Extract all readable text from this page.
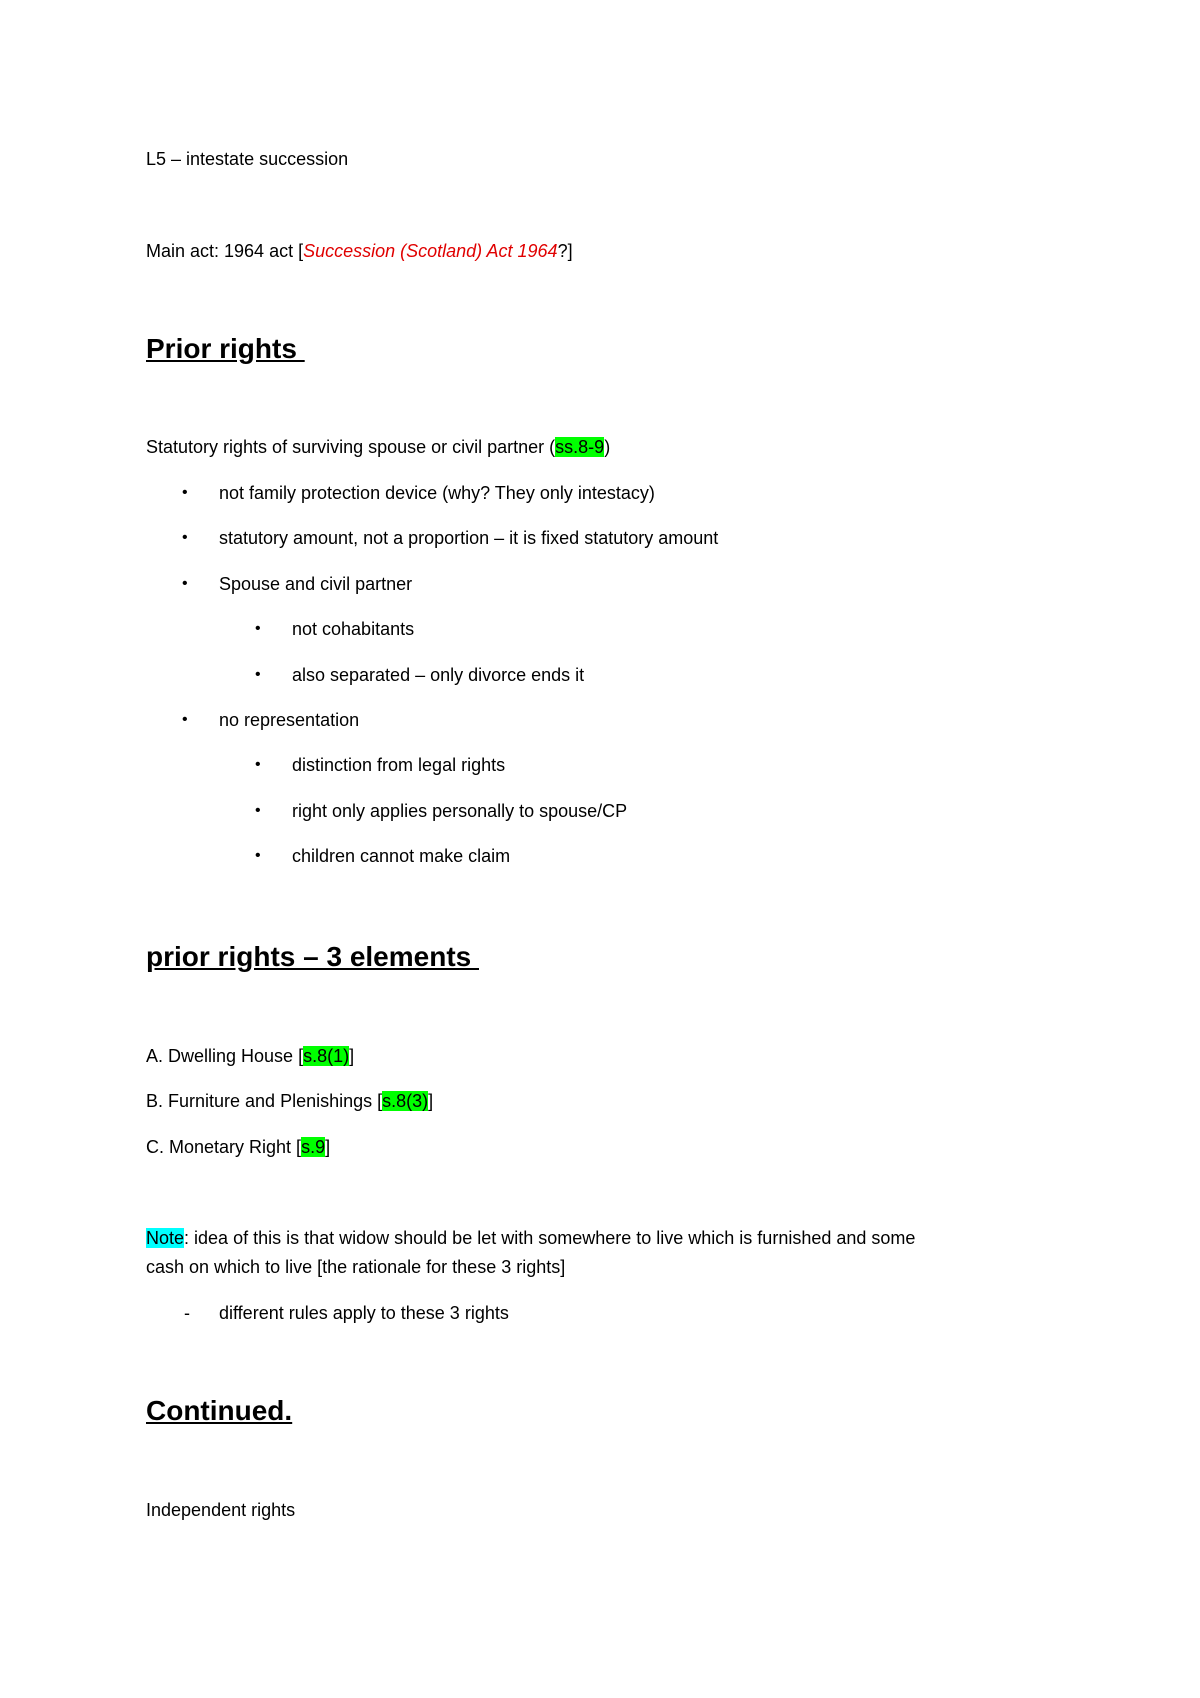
L5 – intestate succession
Main act: 1964 act [Succession (Scotland) Act 1964?]
Prior rights
Statutory rights of surviving spouse or civil partner (ss.8-9)
• not family protection device (why? They only intestacy)
• statutory amount, not a proportion – it is fixed statutory amount
• Spouse and civil partner
• not cohabitants
• also separated – only divorce ends it
• no representation
• distinction from legal rights
• right only applies personally to spouse/CP
• children cannot make claim
prior rights – 3 elements
A. Dwelling House [s.8(1)]
B. Furniture and Plenishings [s.8(3)]
C. Monetary Right [s.9]
Note: idea of this is that widow should be let with somewhere to live which is furnished and some
cash on which to live [the rationale for these 3 rights]
- different rules apply to these 3 rights
Continued.
Independent rights
